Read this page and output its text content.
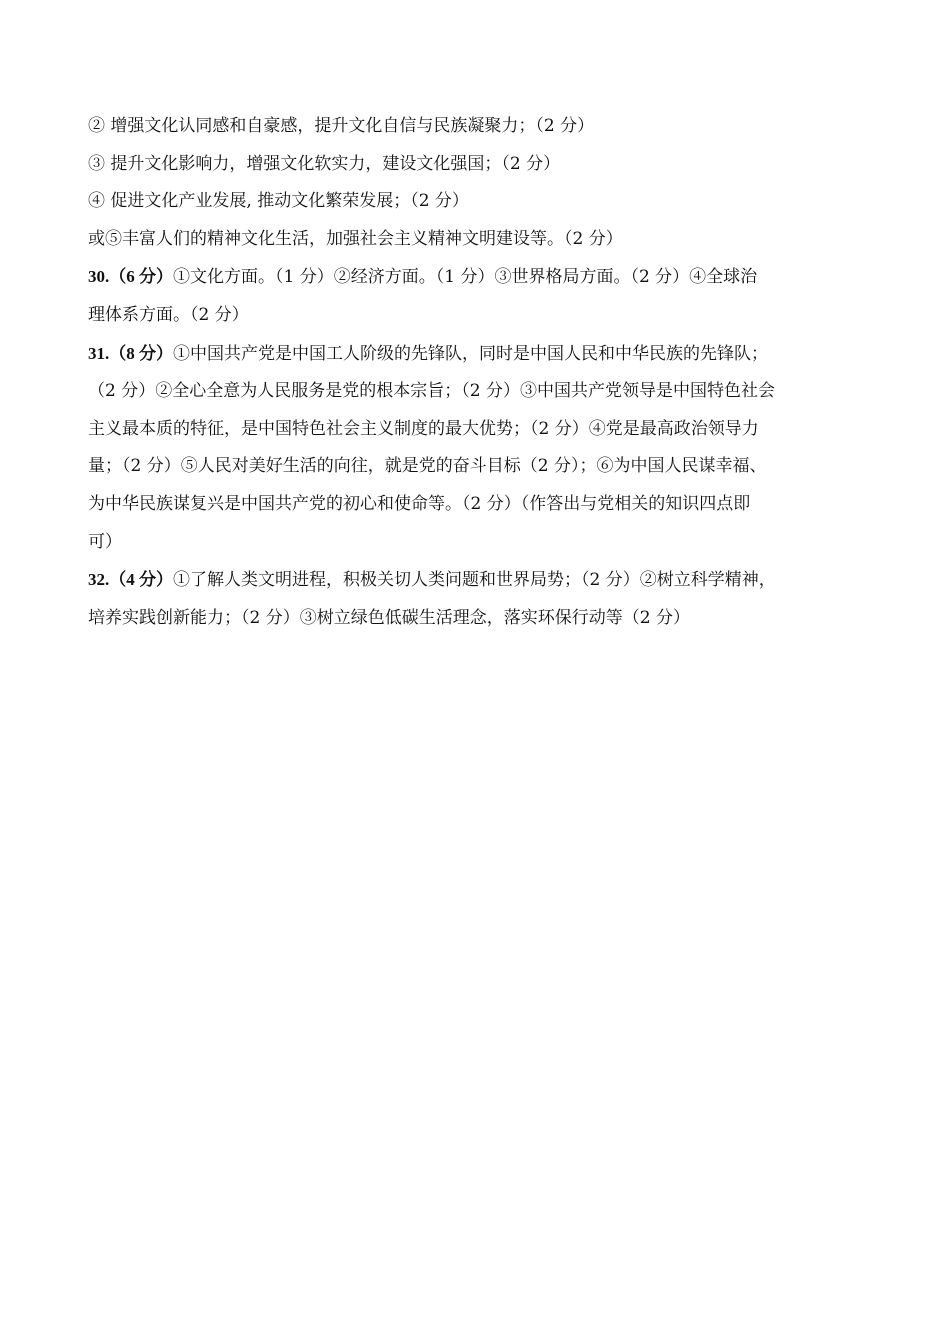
② 增强文化认同感和自豪感，提升文化自信与民族凝聚力；（2 分）
③ 提升文化影响力，增强文化软实力，建设文化强国；（2 分）
④ 促进文化产业发展, 推动文化繁荣发展；（2 分）
或⑤丰富人们的精神文化生活，加强社会主义精神文明建设等。（2 分）
30.（6 分）①文化方面。（1 分）②经济方面。（1 分）③世界格局方面。（2 分）④全球治
理体系方面。（2 分）
31.（8 分）①中国共产党是中国工人阶级的先锋队，同时是中国人民和中华民族的先锋队；
（2 分）②全心全意为人民服务是党的根本宗旨；（2 分）③中国共产党领导是中国特色社会
主义最本质的特征，是中国特色社会主义制度的最大优势；（2 分）④党是最高政治领导力
量；（2 分）⑤人民对美好生活的向往，就是党的奋斗目标（2 分）；⑥为中国人民谋幸福、
为中华民族谋复兴是中国共产党的初心和使命等。（2 分）（作答出与党相关的知识四点即
可）
32.（4 分）①了解人类文明进程，积极关切人类问题和世界局势；（2 分）②树立科学精神，
培养实践创新能力；（2 分）③树立绿色低碳生活理念，落实环保行动等（2 分）
